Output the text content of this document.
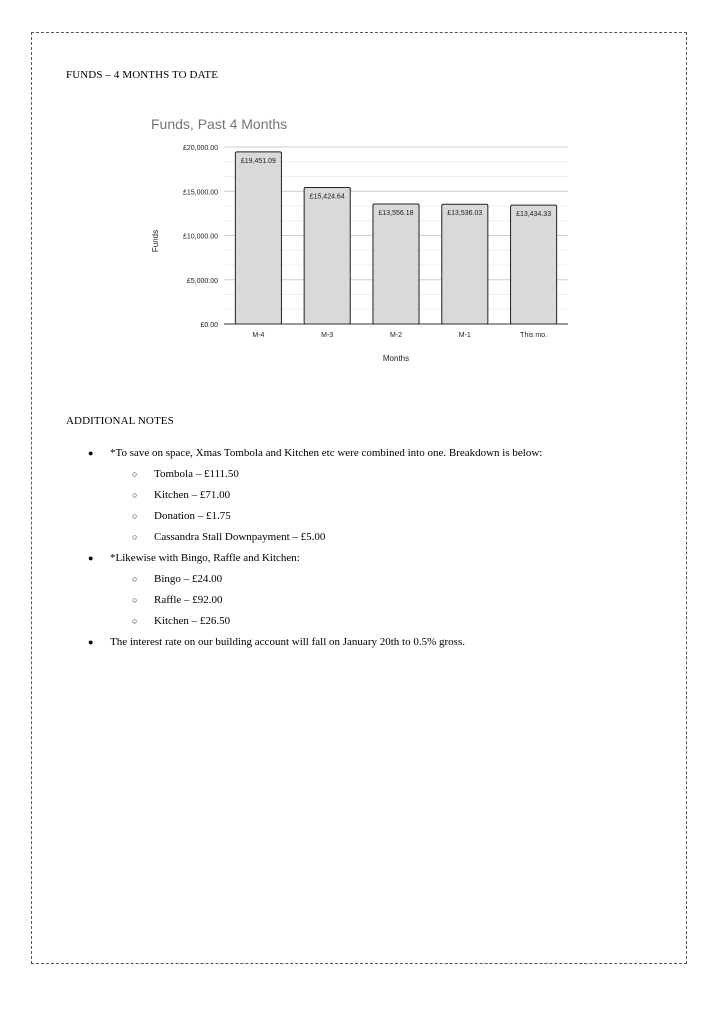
FUNDS – 4 MONTHS TO DATE
Funds, Past 4 Months
£0.00
£5,000.00
£10,000.00
£15,000.00
£20,000.00
£19,451.09
£15,424.64
£13,556.18	£13,536.03	£13,434.33
M-4	M-3	M-2	M-1	This mo.
Funds
Months
ADDITIONAL NOTES
● *To save on space, Xmas Tombola and Kitchen etc were combined into one. Breakdown is below:
○ Tombola – £111.50
○ Kitchen – £71.00
○ Donation – £1.75
○ Cassandra Stall Downpayment – £5.00
● *Likewise with Bingo, Raffle and Kitchen:
○ Bingo – £24.00
○ Raffle – £92.00
○ Kitchen – £26.50
● The interest rate on our building account will fall on January 20th to 0.5% gross.
